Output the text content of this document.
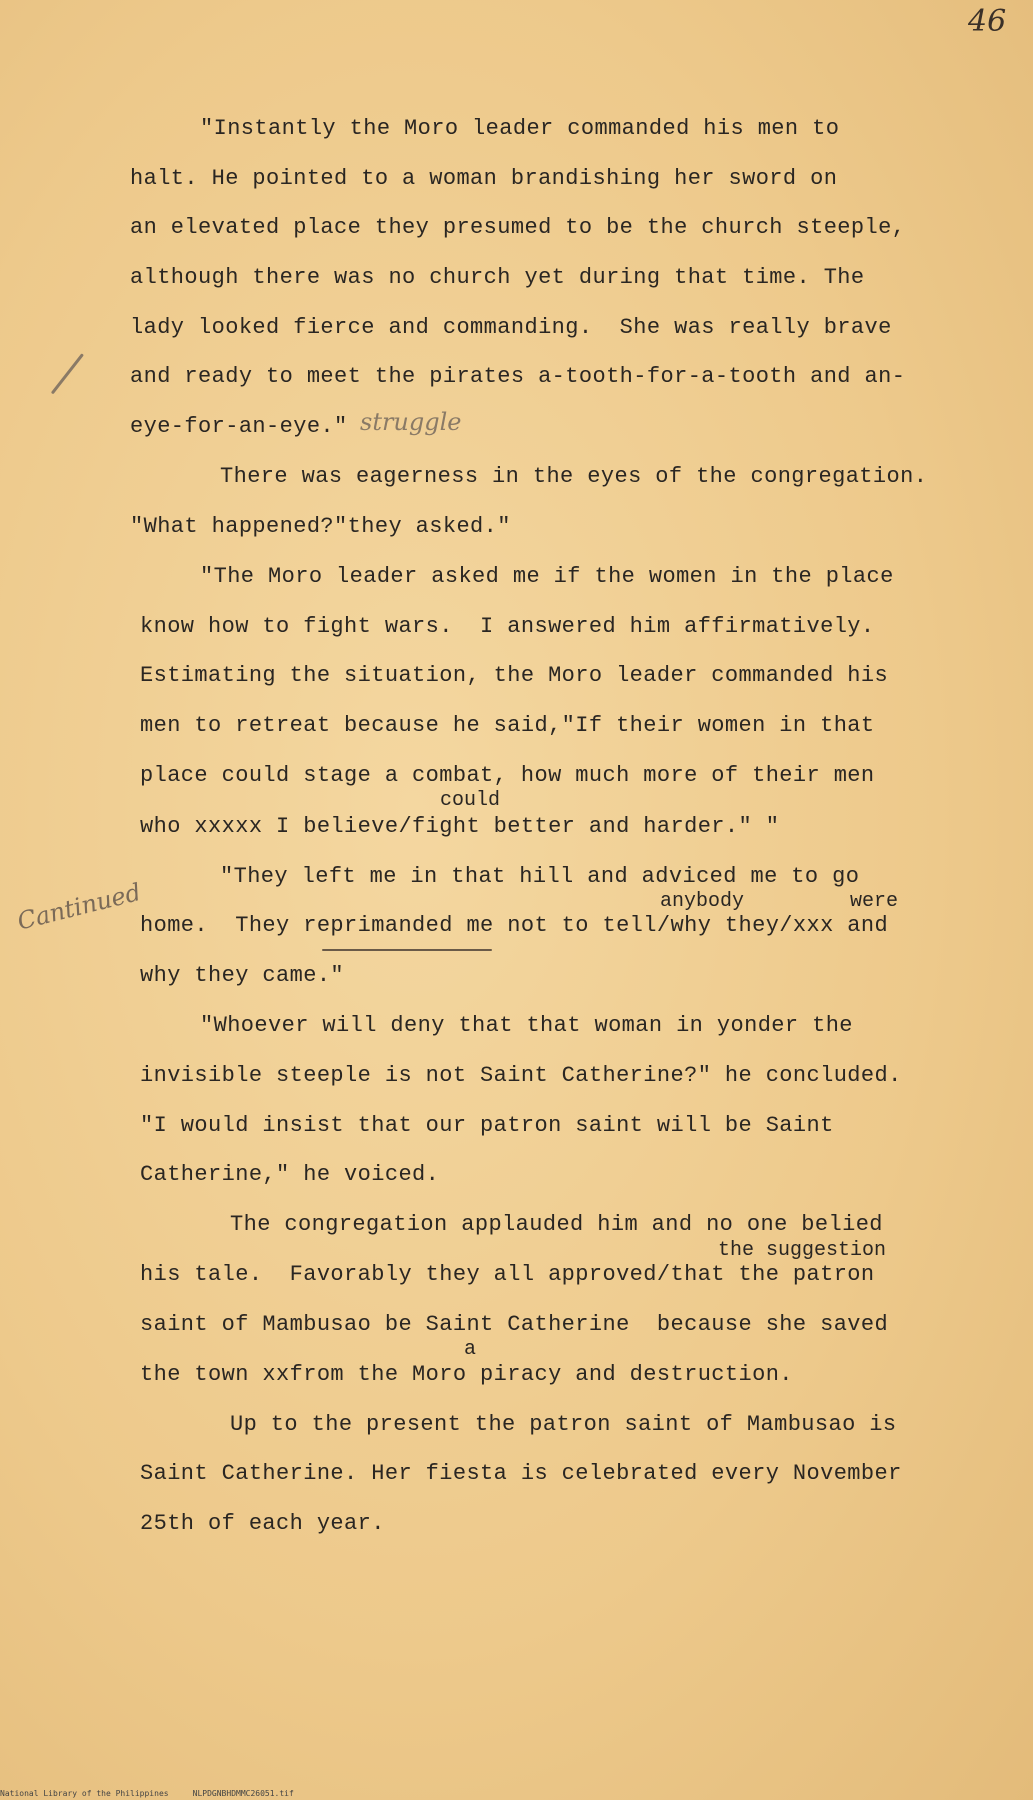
46
"Instantly the Moro leader commanded his men to
halt. He pointed to a woman brandishing her sword on
an elevated place they presumed to be the church steeple,
although there was no church yet during that time. The
lady looked fierce and commanding.  She was really brave
and ready to meet the pirates a-tooth-for-a-tooth and an-
eye-for-an-eye." struggle
There was eagerness in the eyes of the congregation.
"What happened?"they asked."
"The Moro leader asked me if the women in the place
know how to fight wars.  I answered him affirmatively.
Estimating the situation, the Moro leader commanded his
men to retreat because he said,"If their women in that
place could stage a combat, how much more of their men
could
who xxxxx I believe/fight better and harder." "
"They left me in that hill and adviced me to go
anybody	were
Cantinued
home.  They reprimanded me not to tell/why they/xxx and
why they came."
"Whoever will deny that that woman in yonder the
invisible steeple is not Saint Catherine?" he concluded.
"I would insist that our patron saint will be Saint
Catherine," he voiced.
The congregation applauded him and no one belied
the suggestion
his tale.  Favorably they all approved/that the patron
saint of Mambusao be Saint Catherine  because she saved
a
the town xxfrom the Moro piracy and destruction.
Up to the present the patron saint of Mambusao is
Saint Catherine. Her fiesta is celebrated every November
25th of each year.
National Library of the Philippines     NLPDGNBHDMMC26051.tif
